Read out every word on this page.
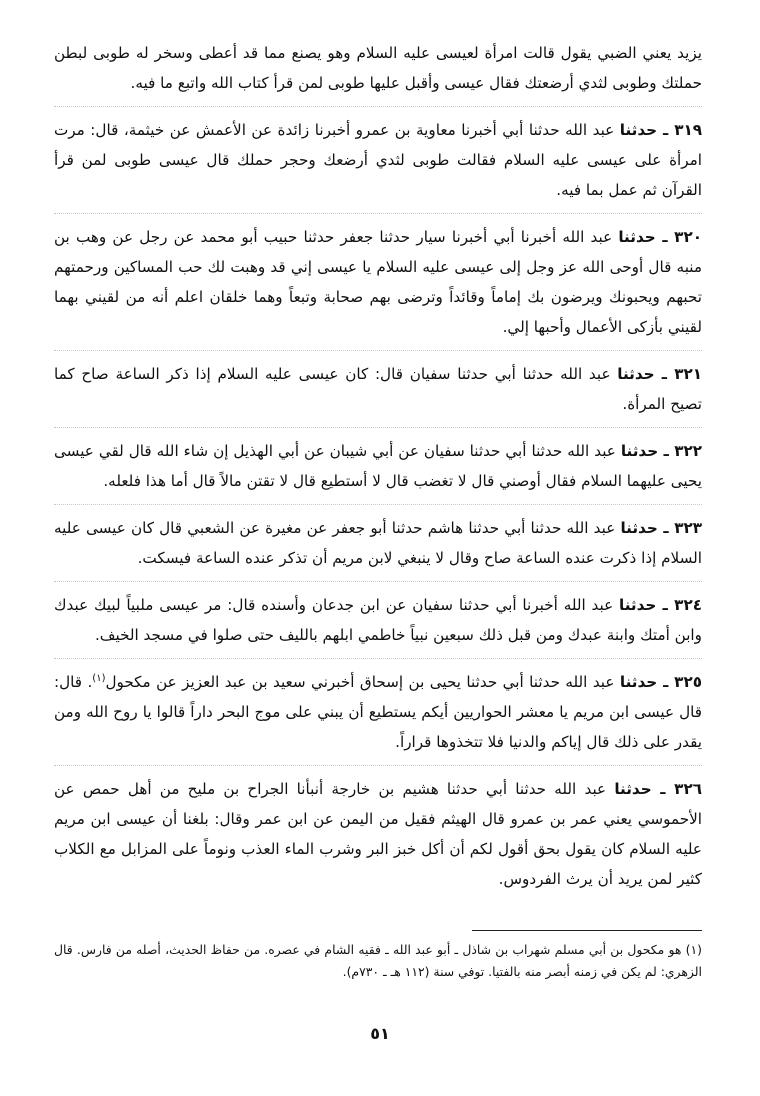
يزيد يعني الضبي يقول قالت امرأة لعيسى عليه السلام وهو يصنع مما قد أعطى وسخر له طوبى لبطن حملتك وطوبى لثدي أرضعتك فقال عيسى وأقبل عليها طوبى لمن قرأ كتاب الله واتبع ما فيه.

٣١٩ ـ حدثنا عبد الله حدثنا أبي أخبرنا معاوية بن عمرو أخبرنا زائدة عن الأعمش عن خيثمة، قال: مرت امرأة على عيسى عليه السلام فقالت طوبى لثدي أرضعك وحجر حملك قال عيسى طوبى لمن قرأ القرآن ثم عمل بما فيه.

٣٢٠ ـ حدثنا عبد الله أخبرنا أبي أخبرنا سيار حدثنا جعفر حدثنا حبيب أبو محمد عن رجل عن وهب بن منبه قال أوحى الله عز وجل إلى عيسى عليه السلام يا عيسى إني قد وهبت لك حب المساكين ورحمتهم تحبهم ويحبونك ويرضون بك إماماً وقائداً وترضى بهم صحابة وتبعاً وهما خلقان اعلم أنه من لقيني بهما لقيني بأزكى الأعمال وأحبها إلي.

٣٢١ ـ حدثنا عبد الله حدثنا أبي حدثنا سفيان قال: كان عيسى عليه السلام إذا ذكر الساعة صاح كما تصيح المرأة.

٣٢٢ ـ حدثنا عبد الله حدثنا أبي حدثنا سفيان عن أبي شيبان عن أبي الهذيل إن شاء الله قال لقي عيسى يحيى عليهما السلام فقال أوصني قال لا تغضب قال لا أستطيع قال لا تقتن مالاً قال أما هذا فلعله.

٣٢٣ ـ حدثنا عبد الله حدثنا أبي حدثنا هاشم حدثنا أبو جعفر عن مغيرة عن الشعبي قال كان عيسى عليه السلام إذا ذكرت عنده الساعة صاح وقال لا ينبغي لابن مريم أن تذكر عنده الساعة فيسكت.

٣٢٤ ـ حدثنا عبد الله أخبرنا أبي حدثنا سفيان عن ابن جدعان وأسنده قال: مر عيسى ملبياً لبيك عبدك وابن أمتك وابنة عبدك ومن قبل ذلك سبعين نبياً خاطمي ابلهم بالليف حتى صلوا في مسجد الخيف.

٣٢٥ ـ حدثنا عبد الله حدثنا أبي حدثنا يحيى بن إسحاق أخبرني سعيد بن عبد العزيز عن مكحول$^{(١)}$. قال: قال عيسى ابن مريم يا معشر الحواريين أيكم يستطيع أن يبني على موج البحر داراً قالوا يا روح الله ومن يقدر على ذلك قال إياكم والدنيا فلا تتخذوها قراراً.

٣٢٦ ـ حدثنا عبد الله حدثنا أبي حدثنا هشيم بن خارجة أنبأنا الجراح بن مليح من أهل حمص عن الأحموسي يعني عمر بن عمرو قال الهيثم فقيل من اليمن عن ابن عمر وقال: بلغنا أن عيسى ابن مريم عليه السلام كان يقول بحق أقول لكم أن أكل خبز البر وشرب الماء العذب ونوماً على المزابل مع الكلاب كثير لمن يريد أن يرث الفردوس.

(١) هو مكحول بن أبي مسلم شهراب بن شاذل ـ أبو عبد الله ـ فقيه الشام في عصره. من حفاظ الحديث، أصله من فارس. قال الزهري: لم يكن في زمنه أبصر منه بالفتيا. توفي سنة (١١٢ هـ ـ ٧٣٠م).

٥١
